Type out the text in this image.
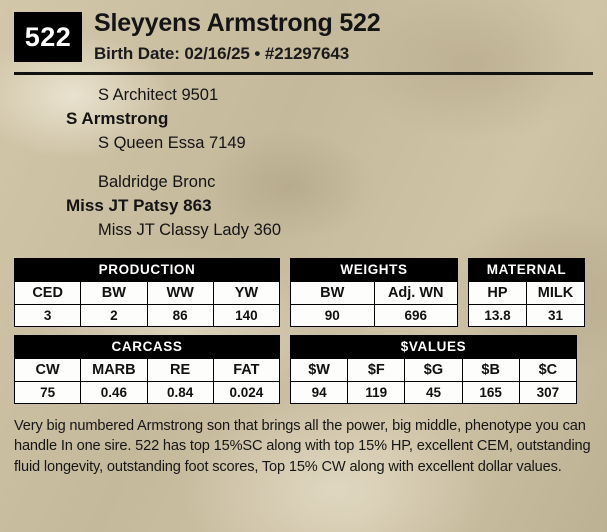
522 Sleyyens Armstrong 522
Birth Date: 02/16/25 • #21297643
S Architect 9501
S Armstrong
S Queen Essa 7149
Baldridge Bronc
Miss JT Patsy 863
Miss JT Classy Lady 360
PRODUCTION			
CED	BW	WW	YW
3	2	86	140
WEIGHTS	
BW	Adj. WN
90	696
MATERNAL	
HP	MILK
13.8	31
CARCASS			
CW	MARB	RE	FAT
75	0.46	0.84	0.024
$VALUES				
$W	$F	$G	$B	$C
94	119	45	165	307
Very big numbered Armstrong son that brings all the power, big middle, phenotype you can handle In one sire. 522 has top 15%SC along with top 15% HP, excellent CEM, outstanding fluid longevity, outstanding foot scores, Top 15% CW along with excellent dollar values.
